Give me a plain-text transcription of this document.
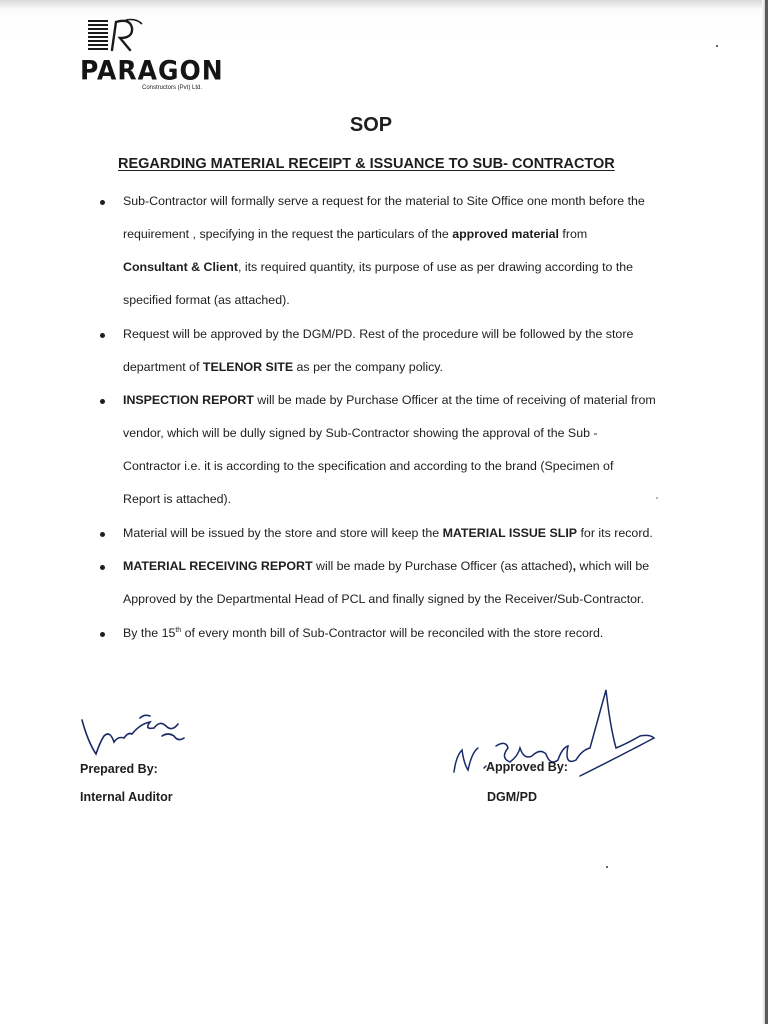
PARAGON
Constructors (Pvt) Ltd.
SOP
REGARDING MATERIAL RECEIPT & ISSUANCE TO SUB- CONTRACTOR
Sub-Contractor will formally serve a request for the material to Site Office one month before the
requirement , specifying in the request the particulars of the approved material from
Consultant & Client, its required quantity, its purpose of use as per drawing according to the
specified format (as attached).
Request will be approved by the DGM/PD. Rest of the procedure will be followed by the store
department of TELENOR SITE as per the company policy.
INSPECTION REPORT will be made by Purchase Officer at the time of receiving of material from
vendor, which will be dully signed by Sub-Contractor showing the approval of the Sub -
Contractor i.e. it is according to the specification and according to the brand (Specimen of
Report is attached).
Material will be issued by the store and store will keep the MATERIAL ISSUE SLIP for its record.
MATERIAL RECEIVING REPORT will be made by Purchase Officer (as attached), which will be
Approved by the Departmental Head of PCL and finally signed by the Receiver/Sub-Contractor.
By the 15th of every month bill of Sub-Contractor will be reconciled with the store record.
Prepared By:
Internal Auditor
Approved By:
DGM/PD
